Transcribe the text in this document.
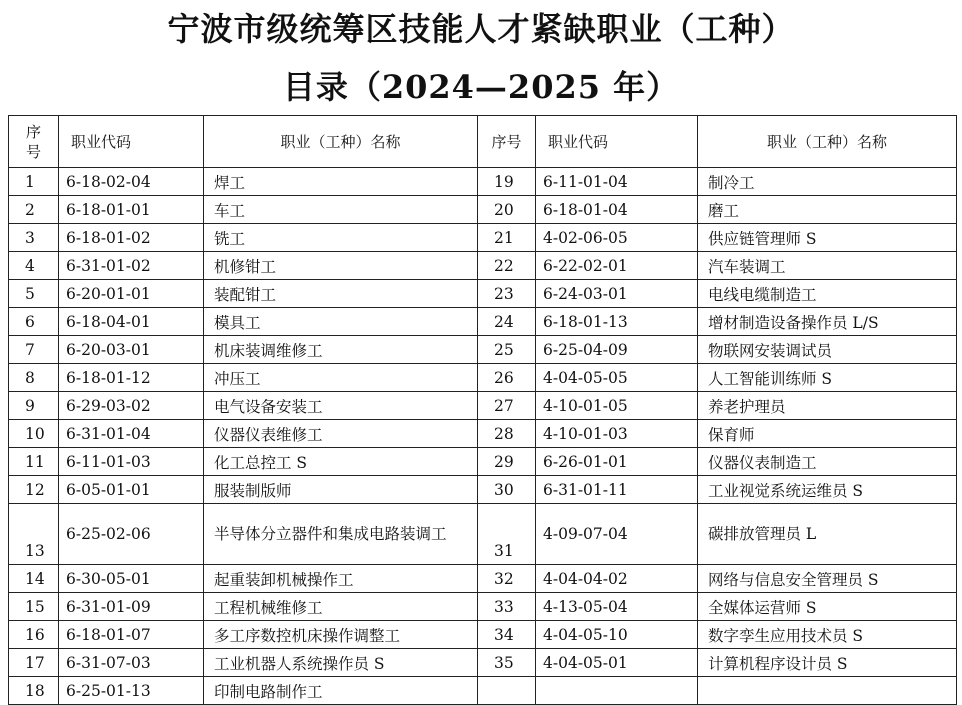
宁波市级统筹区技能人才紧缺职业（工种）
目录（2024—2025 年）
序
号	职业代码	职业（工种）名称	序号	职业代码	职业（工种）名称
1	6-18-02-04	焊工	19	6-11-01-04	制冷工
2	6-18-01-01	车工	20	6-18-01-04	磨工
3	6-18-01-02	铣工	21	4-02-06-05	供应链管理师 S
4	6-31-01-02	机修钳工	22	6-22-02-01	汽车装调工
5	6-20-01-01	装配钳工	23	6-24-03-01	电线电缆制造工
6	6-18-04-01	模具工	24	6-18-01-13	增材制造设备操作员 L/S
7	6-20-03-01	机床装调维修工	25	6-25-04-09	物联网安装调试员
8	6-18-01-12	冲压工	26	4-04-05-05	人工智能训练师 S
9	6-29-03-02	电气设备安装工	27	4-10-01-05	养老护理员
10	6-31-01-04	仪器仪表维修工	28	4-10-01-03	保育师
11	6-11-01-03	化工总控工 S	29	6-26-01-01	仪器仪表制造工
12	6-05-01-01	服装制版师	30	6-31-01-11	工业视觉系统运维员 S
13	6-25-02-06	半导体分立器件和集成电路装调工	31	4-09-07-04	碳排放管理员 L
14	6-30-05-01	起重装卸机械操作工	32	4-04-04-02	网络与信息安全管理员 S
15	6-31-01-09	工程机械维修工	33	4-13-05-04	全媒体运营师 S
16	6-18-01-07	多工序数控机床操作调整工	34	4-04-05-10	数字孪生应用技术员 S
17	6-31-07-03	工业机器人系统操作员 S	35	4-04-05-01	计算机程序设计员 S
18	6-25-01-13	印制电路制作工			
